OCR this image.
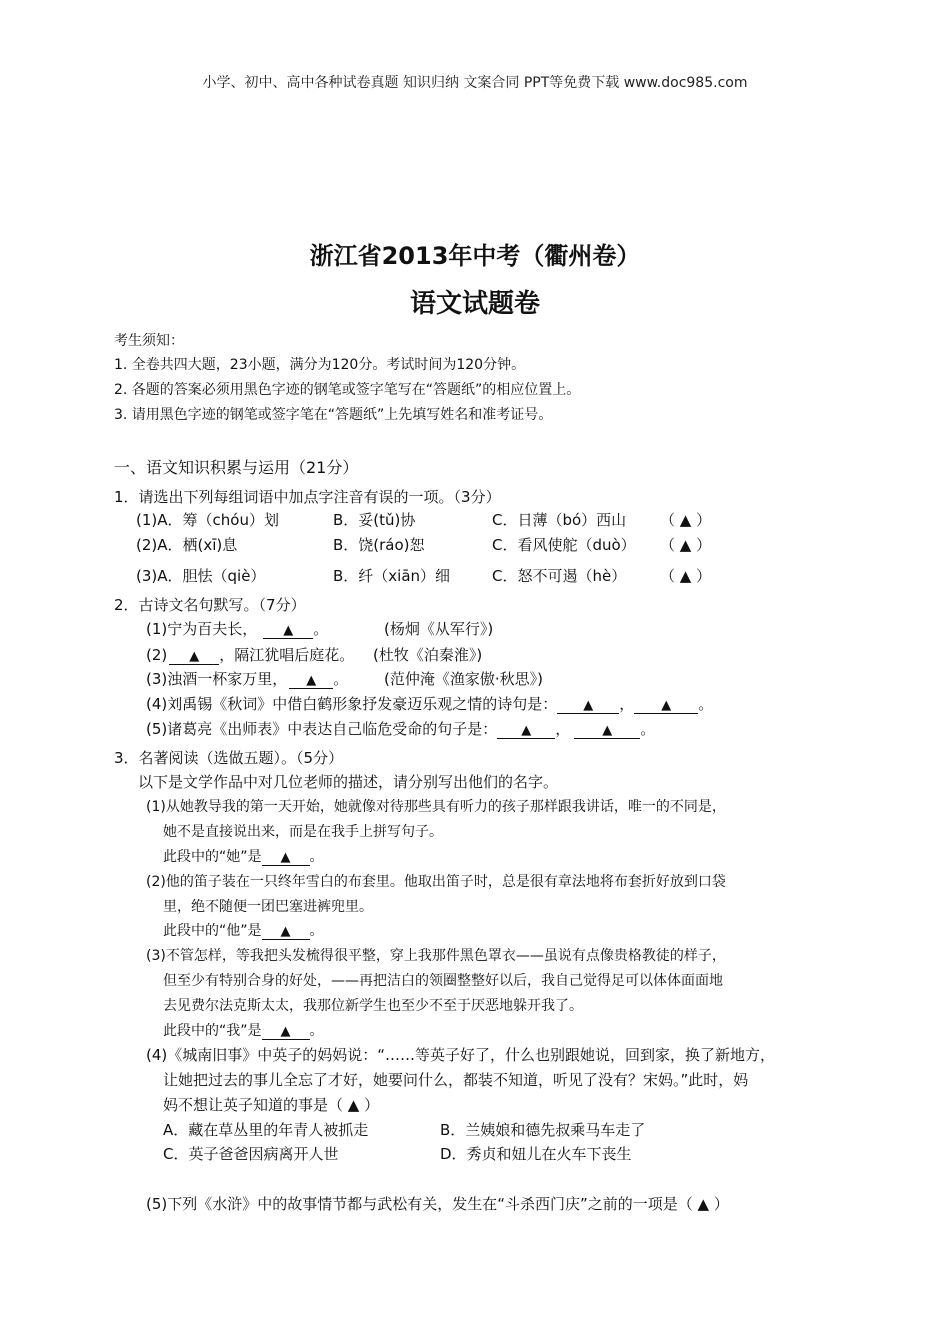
小学、初中、高中各种试卷真题 知识归纳 文案合同 PPT等免费下载 www.doc985.com
浙江省2013年中考（衢州卷）
语文试题卷
考生须知：
1. 全卷共四大题，23小题，满分为120分。考试时间为120分钟。
2. 各题的答案必须用黑色字迹的钢笔或签字笔写在“答题纸”的相应位置上。
3. 请用黑色字迹的钢笔或签字笔在“答题纸”上先填写姓名和准考证号。
一、语文知识积累与运用（21分）
1．请选出下列每组词语中加点字注音有误的一项。（3分）
(1)A．筹（chóu）划	B．妥(tǔ)协	C．日薄（bó）西山 （ ▲ ）
(2)A．栖(xī)息	B．饶(ráo)恕	C．看风使舵（duò） （ ▲ ）
(3)A．胆怯（qiè）	B．纤（xiān）细	C．怒不可遏（hè） （ ▲ ）
2．古诗文名句默写。（7分）
(1)宁为百夫长， ▲ 。	(杨炯《从军行》)
(2) ▲ ，隔江犹唱后庭花。 (杜牧《泊秦淮》)
(3)浊酒一杯家万里， ▲ 。 (范仲淹《渔家傲·秋思》)
(4)刘禹锡《秋词》中借白鹤形象抒发豪迈乐观之情的诗句是： ▲ ， ▲ 。
(5)诸葛亮《出师表》中表达自己临危受命的句子是： ▲ ， ▲ 。
3．名著阅读（选做五题）。（5分）
以下是文学作品中对几位老师的描述，请分别写出他们的名字。
(1)从她教导我的第一天开始，她就像对待那些具有听力的孩子那样跟我讲话，唯一的不同是，
她不是直接说出来，而是在我手上拼写句子。
此段中的“她”是 ▲ 。
(2)他的笛子装在一只终年雪白的布套里。他取出笛子时，总是很有章法地将布套折好放到口袋
里，绝不随便一团巴塞进裤兜里。
此段中的“他”是 ▲ 。
(3)不管怎样，等我把头发梳得很平整，穿上我那件黑色罩衣——虽说有点像贵格教徒的样子，
但至少有特别合身的好处，——再把洁白的领圈整整好以后，我自己觉得足可以体体面面地
去见费尔法克斯太太，我那位新学生也至少不至于厌恶地躲开我了。
此段中的“我”是 ▲ 。
(4)《城南旧事》中英子的妈妈说：“……等英子好了，什么也别跟她说，回到家，换了新地方，
让她把过去的事儿全忘了才好，她要问什么，都装不知道，听见了没有？宋妈。”此时，妈
妈不想让英子知道的事是（ ▲ ）
A．藏在草丛里的年青人被抓走	B．兰姨娘和德先叔乘马车走了
C．英子爸爸因病离开人世	D．秀贞和妞儿在火车下丧生
(5)下列《水浒》中的故事情节都与武松有关，发生在“斗杀西门庆”之前的一项是（ ▲ ）
